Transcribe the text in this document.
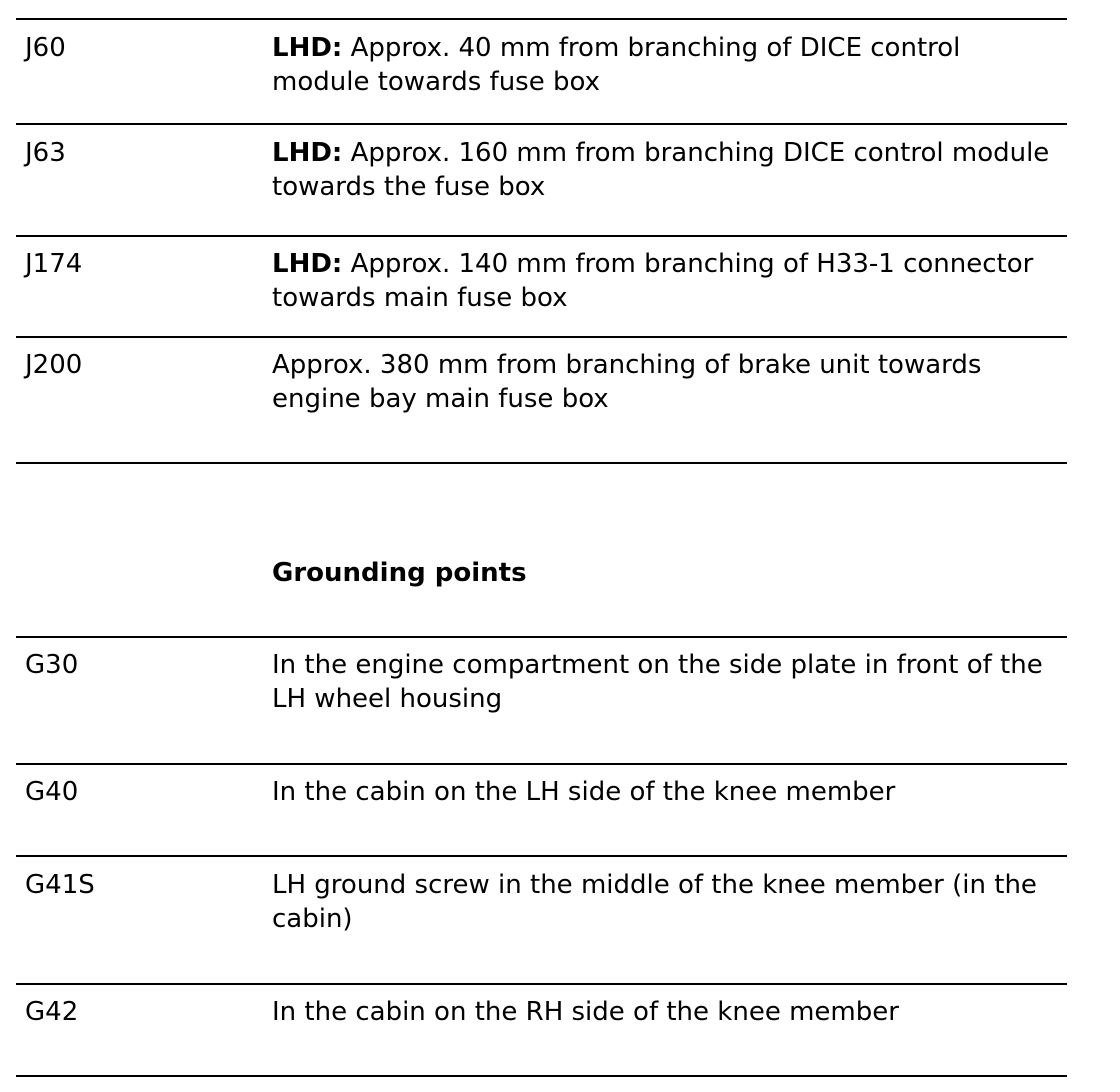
J60	LHD: Approx. 40 mm from branching of DICE control module towards fuse box
J63	LHD: Approx. 160 mm from branching DICE control module towards the fuse box
J174	LHD: Approx. 140 mm from branching of H33-1 connector towards main fuse box
J200	Approx. 380 mm from branching of brake unit towards engine bay main fuse box
Grounding points
G30	In the engine compartment on the side plate in front of the LH wheel housing
G40	In the cabin on the LH side of the knee member
G41S	LH ground screw in the middle of the knee member (in the cabin)
G42	In the cabin on the RH side of the knee member
